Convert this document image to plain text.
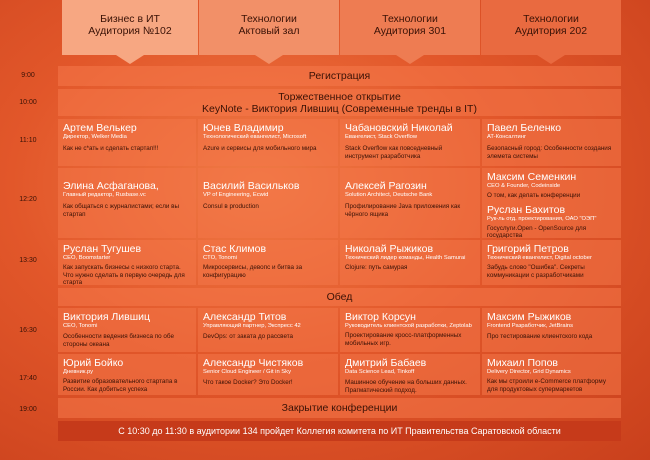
Бизнес в ИТ
Аудитория №102
Технологии
Актовый зал
Технологии
Аудитория 301
Технологии
Аудитория 202
9:00
10:00
11:10
12:20
13:30
16:30
17:40
19:00
Регистрация
Торжественное открытие
KeyNote - Виктория Лившиц (Современные тренды в IT)
Артем Велькер
Директор, Welker Media
Как не с*ать и сделать стартап!!!
Юнев Владимир
Технологический евангелист, Microsoft
Azure и сервисы для мобильного мира
Чабановский Николай
Евангелист, Stack Overflow
Stack Overflow как повседневный инструмент разработчика
Павел Беленко
AT-Консалтинг
Безопасный город: Особенности создания элемета системы
Элина Асфаганова,
Главный редактор, Rusbase.vc
Как общаться с журналистами; если вы стартап
Василий Васильков
VP of Engineering, Ecwid
Consul в production
Алексей Рагозин
Solution Architect, Deutsche Bank
Профилирование Java приложения как чёрного ящика
Максим Семенкин
CEO & Founder, Codeinside
О том, как делать конференции
Руслан Бахитов
Рук-ль отд. проектирования, ОАО "ОЭП"
Госуслуги.Open - OpenSource для государства
Руслан Тугушев
CEO, Boomstarter
Как запускать бизнесы с низкого старта. Что нужно сделать в первую очередь для старта
Стас Климов
CTO, Tonomi
Микросервисы, девопс и битва за конфигурацию
Николай Рыжиков
Технический лидер команды, Health Samurai
Clojure: путь самурая
Григорий Петров
Технический евангелист, Digital october
Забудь слово "Ошибка". Секреты коммуникации с разработчиками
Обед
Виктория Лившиц
CEO, Tonomi
Особенности ведения бизнеса по обе стороны океана
Александр Титов
Управляющий партнер, Экспресс 42
DevOps: от заката до рассвета
Виктор Корсун
Руководитель клиентской разработки, Zeptolab
Проектирование кросс-платформенных мобильных игр.
Максим Рыжиков
Frontend Разработчик, JetBrains
Про тестирование клиентского кода
Юрий Бойко
Дневник.ру
Развитие образовательного стартапа в России. Как добиться успеха
Александр Чистяков
Senior Cloud Engineer / Git in Sky
Что такое Docker? Это Docker!
Дмитрий Бабаев
Data Science Lead, Tinkoff
Машинное обучение на больших данных. Прагматический подход.
Михаил Попов
Delivery Director, Grid Dynamics
Как мы строили e-Commerce платформу для продуктовых супермаркетов
Закрытие конференции
С 10:30 до 11:30 в аудитории 134 пройдет Коллегия комитета по ИТ Правительства Саратовской области
